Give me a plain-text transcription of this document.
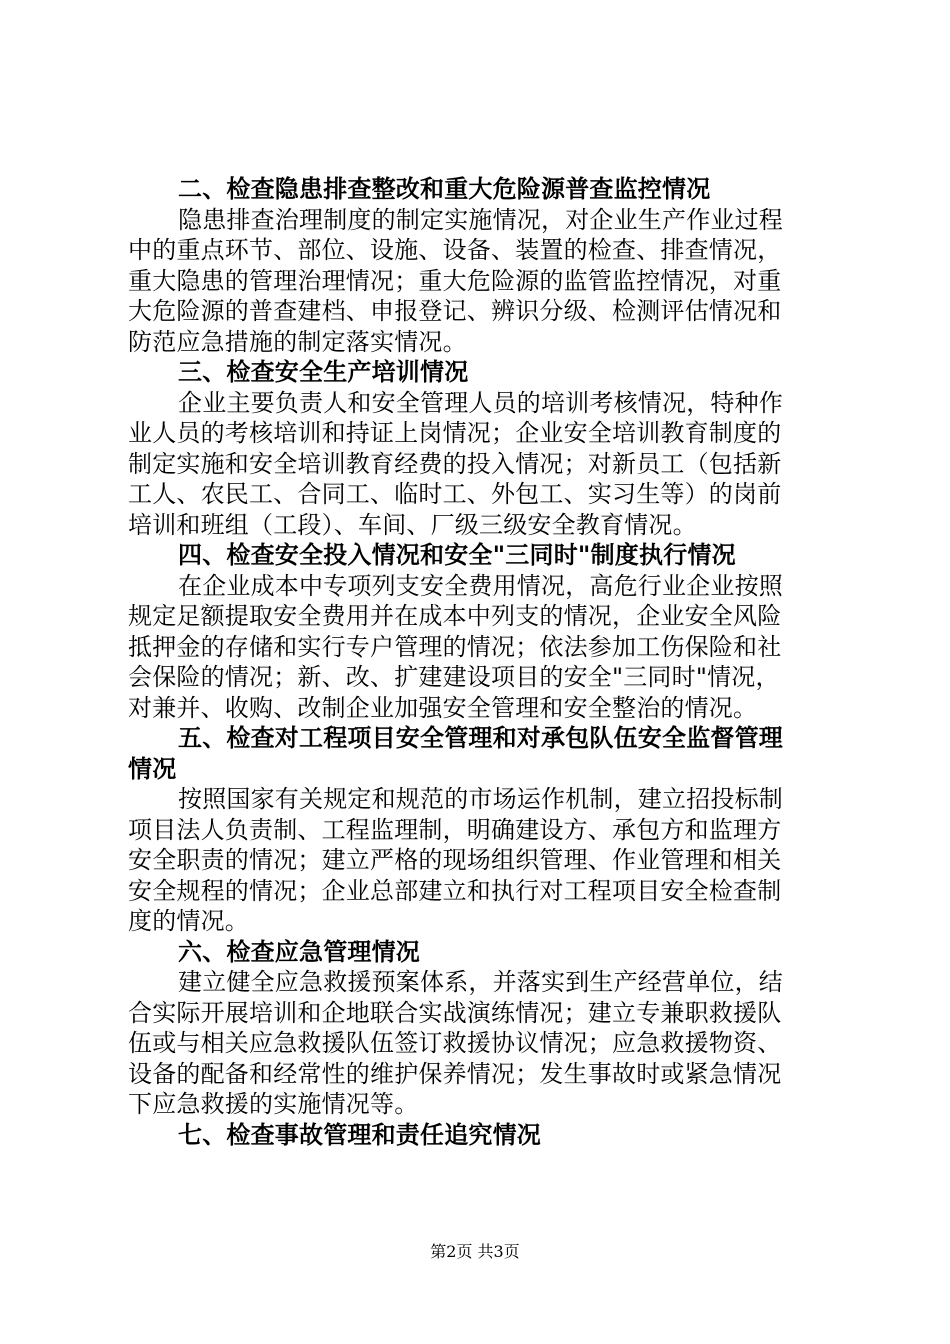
二、检查隐患排查整改和重大危险源普查监控情况
隐患排查治理制度的制定实施情况，对企业生产作业过程
中的重点环节、部位、设施、设备、装置的检查、排查情况，
重大隐患的管理治理情况；重大危险源的监管监控情况，对重
大危险源的普查建档、申报登记、辨识分级、检测评估情况和
防范应急措施的制定落实情况。
三、检查安全生产培训情况
企业主要负责人和安全管理人员的培训考核情况，特种作
业人员的考核培训和持证上岗情况；企业安全培训教育制度的
制定实施和安全培训教育经费的投入情况；对新员工（包括新
工人、农民工、合同工、临时工、外包工、实习生等）的岗前
培训和班组（工段）、车间、厂级三级安全教育情况。
四、检查安全投入情况和安全"三同时"制度执行情况
在企业成本中专项列支安全费用情况，高危行业企业按照
规定足额提取安全费用并在成本中列支的情况，企业安全风险
抵押金的存储和实行专户管理的情况；依法参加工伤保险和社
会保险的情况；新、改、扩建建设项目的安全"三同时"情况，
对兼并、收购、改制企业加强安全管理和安全整治的情况。
五、检查对工程项目安全管理和对承包队伍安全监督管理
情况
按照国家有关规定和规范的市场运作机制，建立招投标制
项目法人负责制、工程监理制，明确建设方、承包方和监理方
安全职责的情况；建立严格的现场组织管理、作业管理和相关
安全规程的情况；企业总部建立和执行对工程项目安全检查制
度的情况。
六、检查应急管理情况
建立健全应急救援预案体系，并落实到生产经营单位，结
合实际开展培训和企地联合实战演练情况；建立专兼职救援队
伍或与相关应急救援队伍签订救援协议情况；应急救援物资、
设备的配备和经常性的维护保养情况；发生事故时或紧急情况
下应急救援的实施情况等。
七、检查事故管理和责任追究情况
第2页 共3页
